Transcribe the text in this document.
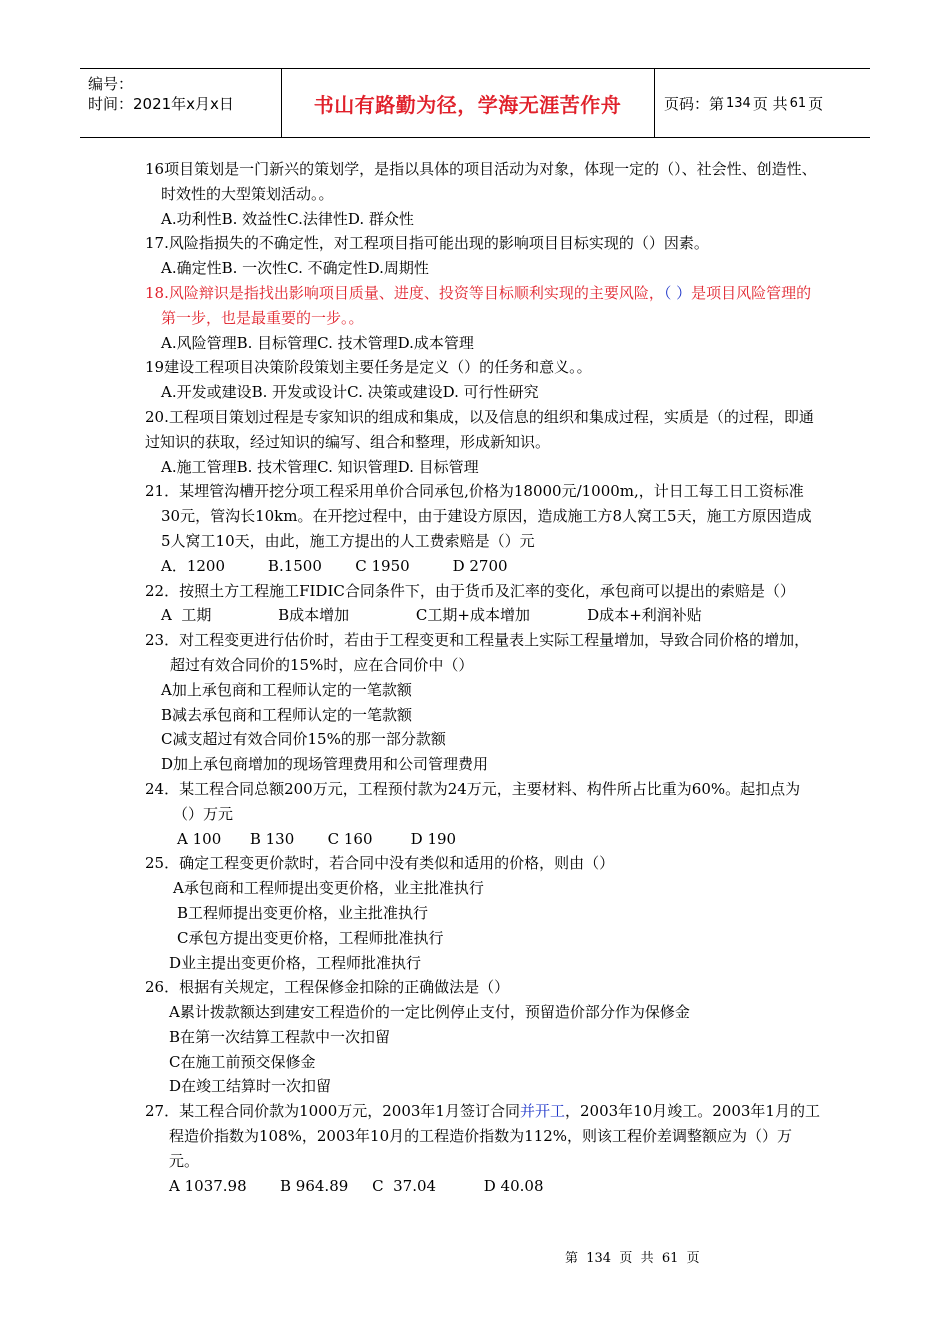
编号：
时间：2021年x月x日	书山有路勤为径，学海无涯苦作舟	页码：第 134 页 共 61 页

16项目策划是一门新兴的策划学，是指以具体的项目活动为对象，体现一定的（）、社会性、创造性、时效性的大型策划活动。。

A.功利性B. 效益性C.法律性D. 群众性

17.风险指损失的不确定性，对工程项目指可能出现的影响项目目标实现的（）因素。

A.确定性B. 一次性C. 不确定性D.周期性

18.风险辩识是指找出影响项目质量、进度、投资等目标顺利实现的主要风险，（ ）是项目风险管理的第一步，也是最重要的一步。。

A.风险管理B. 目标管理C. 技术管理D.成本管理

19建设工程项目决策阶段策划主要任务是定义（）的任务和意义。。

A.开发或建设B. 开发或设计C. 决策或建设D. 可行性研究

20.工程项目策划过程是专家知识的组成和集成，以及信息的组织和集成过程，实质是（的过程，即通过知识的获取，经过知识的编写、组合和整理，形成新知识。

A.施工管理B. 技术管理C. 知识管理D. 目标管理

21．某埋管沟槽开挖分项工程采用单价合同承包,价格为18000元/1000m,，计日工每工日工资标准30元，管沟长10km。在开挖过程中，由于建设方原因，造成施工方8人窝工5天，施工方原因造成5人窝工10天，由此，施工方提出的人工费索赔是（）元

A．1200         B.1500       C 1950         D 2700

22．按照土方工程施工FIDIC合同条件下，由于货币及汇率的变化，承包商可以提出的索赔是（）

A  工期              B成本增加              C工期+成本增加            D成本+利润补贴

23．对工程变更进行估价时，若由于工程变更和工程量表上实际工程量增加，导致合同价格的增加，超过有效合同价的15%时，应在合同价中（）

A加上承包商和工程师认定的一笔款额

B减去承包商和工程师认定的一笔款额

C减支超过有效合同价15%的那一部分款额

D加上承包商增加的现场管理费用和公司管理费用

24．某工程合同总额200万元，工程预付款为24万元，主要材料、构件所占比重为60%。起扣点为（）万元

A 100      B 130       C 160        D 190

25．确定工程变更价款时，若合同中没有类似和适用的价格，则由（）

A承包商和工程师提出变更价格，业主批准执行

B工程师提出变更价格，业主批准执行

C承包方提出变更价格，工程师批准执行

D业主提出变更价格，工程师批准执行

26．根据有关规定，工程保修金扣除的正确做法是（）

A累计拨款额达到建安工程造价的一定比例停止支付，预留造价部分作为保修金

B在第一次结算工程款中一次扣留

C在施工前预交保修金

D在竣工结算时一次扣留

27．某工程合同价款为1000万元，2003年1月签订合同并开工，2003年10月竣工。2003年1月的工程造价指数为108%，2003年10月的工程造价指数为112%，则该工程价差调整额应为（）万元。

A 1037.98       B 964.89     C  37.04          D 40.08

第  134  页  共  61  页
